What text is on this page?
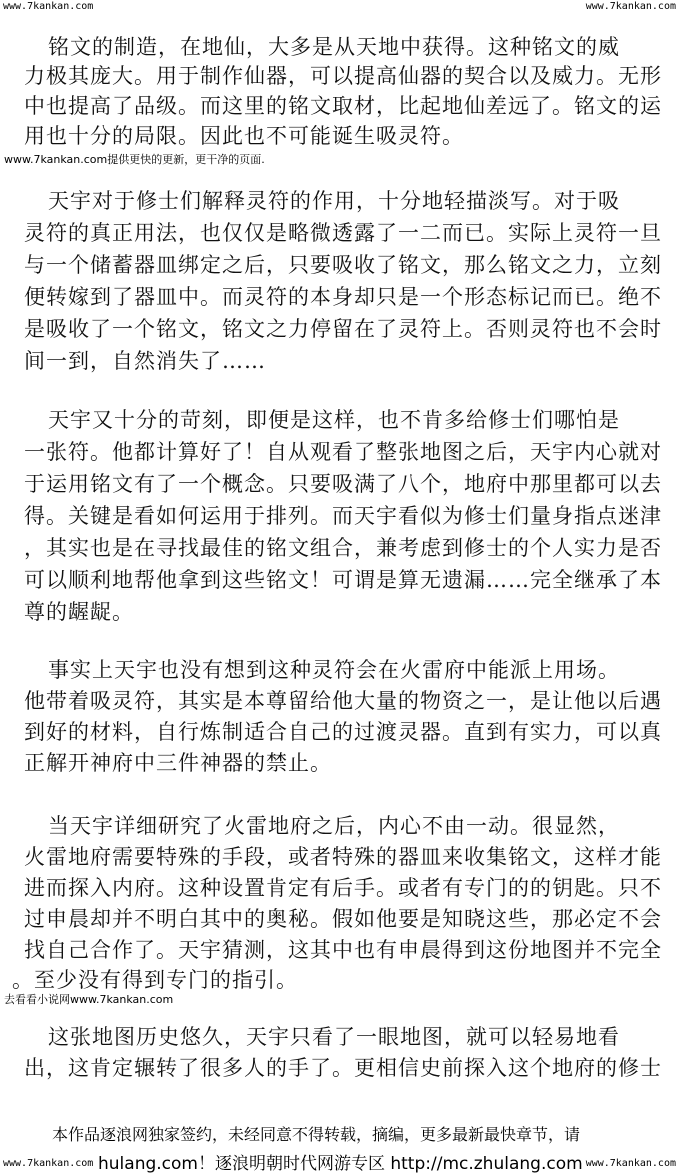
www.7kankan.com	www.7kankan.com
铭文的制造，在地仙，大多是从天地中获得。这种铭文的威
力极其庞大。用于制作仙器，可以提高仙器的契合以及威力。无形
中也提高了品级。而这里的铭文取材，比起地仙差远了。铭文的运
用也十分的局限。因此也不可能诞生吸灵符。
www.7kankan.com提供更快的更新，更干净的页面.
天宇对于修士们解释灵符的作用，十分地轻描淡写。对于吸
灵符的真正用法，也仅仅是略微透露了一二而已。实际上灵符一旦
与一个储蓄器皿绑定之后，只要吸收了铭文，那么铭文之力，立刻
便转嫁到了器皿中。而灵符的本身却只是一个形态标记而已。绝不
是吸收了一个铭文，铭文之力停留在了灵符上。否则灵符也不会时
间一到，自然消失了……
天宇又十分的苛刻，即便是这样，也不肯多给修士们哪怕是
一张符。他都计算好了！自从观看了整张地图之后，天宇内心就对
于运用铭文有了一个概念。只要吸满了八个，地府中那里都可以去
得。关键是看如何运用于排列。而天宇看似为修士们量身指点迷津
，其实也是在寻找最佳的铭文组合，兼考虑到修士的个人实力是否
可以顺利地帮他拿到这些铭文！可谓是算无遗漏……完全继承了本
尊的龌龊。
事实上天宇也没有想到这种灵符会在火雷府中能派上用场。
他带着吸灵符，其实是本尊留给他大量的物资之一，是让他以后遇
到好的材料，自行炼制适合自己的过渡灵器。直到有实力，可以真
正解开神府中三件神器的禁止。
当天宇详细研究了火雷地府之后，内心不由一动。很显然，
火雷地府需要特殊的手段，或者特殊的器皿来收集铭文，这样才能
进而探入内府。这种设置肯定有后手。或者有专门的的钥匙。只不
过申晨却并不明白其中的奥秘。假如他要是知晓这些，那必定不会
找自己合作了。天宇猜测，这其中也有申晨得到这份地图并不完全
。至少没有得到专门的指引。
去看看小说网www.7kankan.com
这张地图历史悠久，天宇只看了一眼地图，就可以轻易地看
出，这肯定辗转了很多人的手了。更相信史前探入这个地府的修士
本作品逐浪网独家签约，未经同意不得转载，摘编，更多最新最快章节，请
hulang.com！逐浪明朝时代网游专区 http://mc.zhulang.com
www.7kankan.com	www.7kankan.com
